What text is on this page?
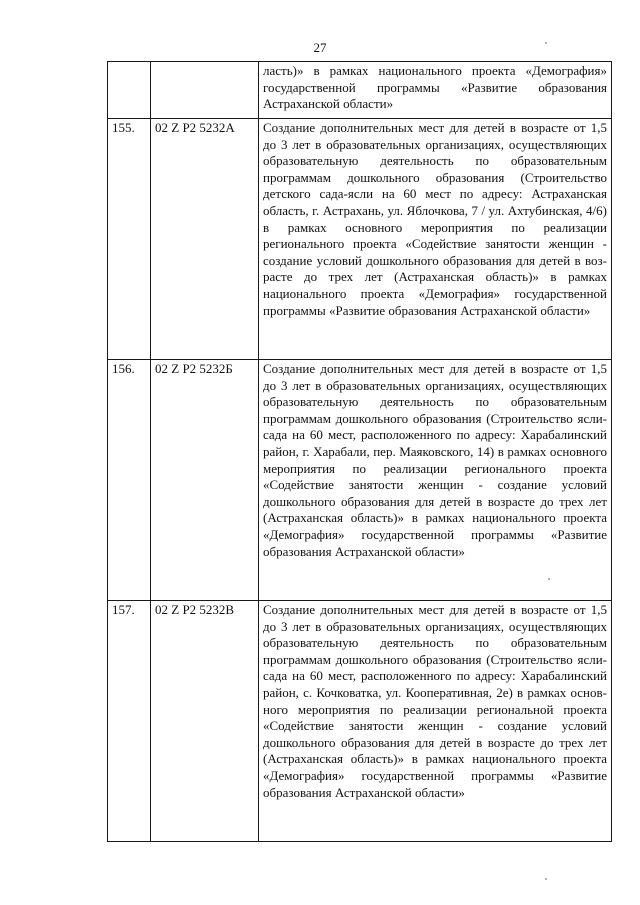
27

		ласть)» в рамках национального проекта «Демография» государственной программы «Развитие образования Астраханской области»

155.	02 Z P2 5232A	Создание дополнительных мест для детей в возрасте от 1,5 до 3 лет в образовательных организациях, осуществляющих образовательную деятельность по образовательным программам дошкольного образования (Строительство детского сада-ясли на 60 мест по адресу: Астраханская область, г. Астрахань, ул. Яблочкова, 7 / ул. Ахтубинская, 4/6) в рамках основного мероприятия по реализации регионального проекта «Содействие занятости женщин - создание условий дошкольного образования для детей в возрасте до трех лет (Астраханская область)» в рамках национального проекта «Демография» государственной программы «Развитие образования Астраханской области»

156.	02 Z P2 5232Б	Создание дополнительных мест для детей в возрасте от 1,5 до 3 лет в образовательных организациях, осуществляющих образовательную деятельность по образовательным программам дошкольного образования (Строительство ясли-сада на 60 мест, расположенного по адресу: Харабалинский район, г. Харабали, пер. Маяковского, 14) в рамках основного мероприятия по реализации регионального проекта «Содействие занятости женщин - создание условий дошкольного образования для детей в возрасте до трех лет (Астраханская область)» в рамках национального проекта «Демография» государственной программы «Развитие образования Астраханской области»

157.	02 Z P2 5232В	Создание дополнительных мест для детей в возрасте от 1,5 до 3 лет в образовательных организациях, осуществляющих образовательную деятельность по образовательным программам дошкольного образования (Строительство ясли-сада на 60 мест, расположенного по адресу: Харабалинский район, с. Кочковатка, ул. Кооперативная, 2е) в рамках основного мероприятия по реализации региональной проекта «Содействие занятости женщин - создание условий дошкольного образования для детей в возрасте до трех лет (Астраханская область)» в рамках национального проекта «Демография» государственной программы «Развитие образования Астраханской области»
